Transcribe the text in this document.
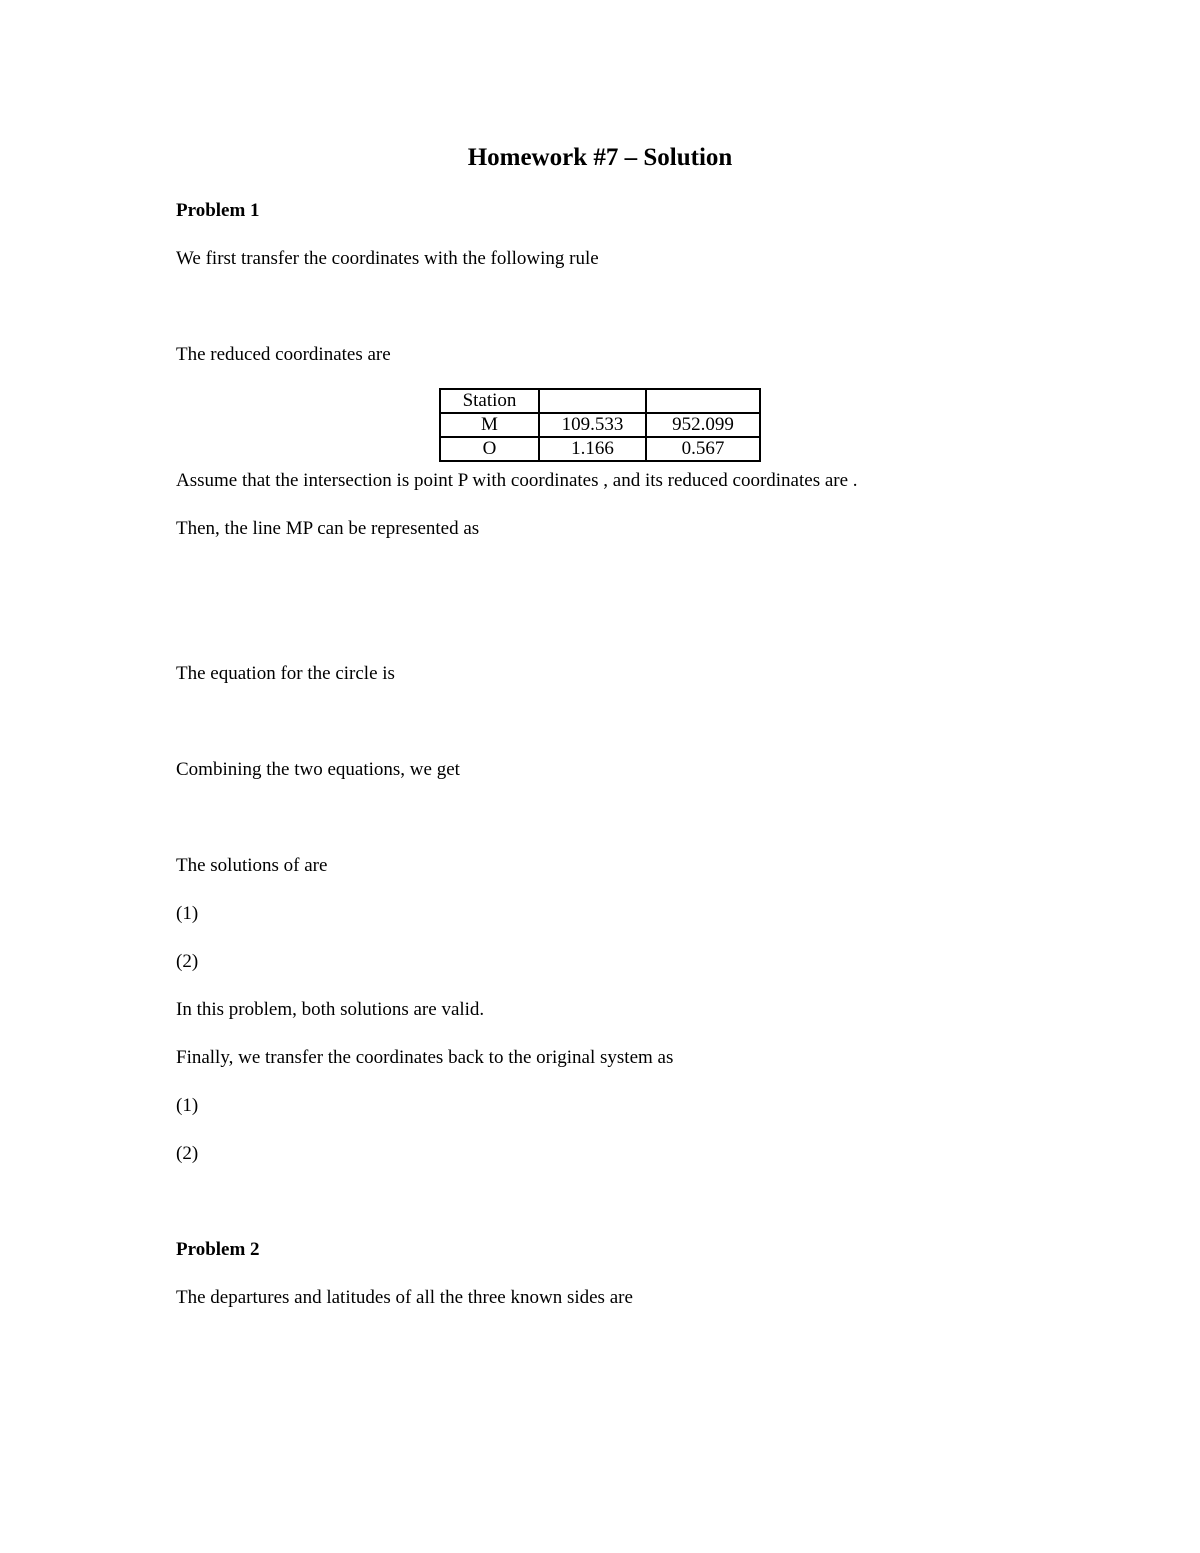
Homework #7 – Solution
Problem 1
We first transfer the coordinates with the following rule
The reduced coordinates are
Station		
M	109.533	952.099
O	1.166	0.567
Assume that the intersection is point P with coordinates , and its reduced coordinates are .
Then, the line MP can be represented as
The equation for the circle is
Combining the two equations, we get
The solutions of are
(1)
(2)
In this problem, both solutions are valid.
Finally, we transfer the coordinates back to the original system as
(1)
(2)
Problem 2
The departures and latitudes of all the three known sides are
